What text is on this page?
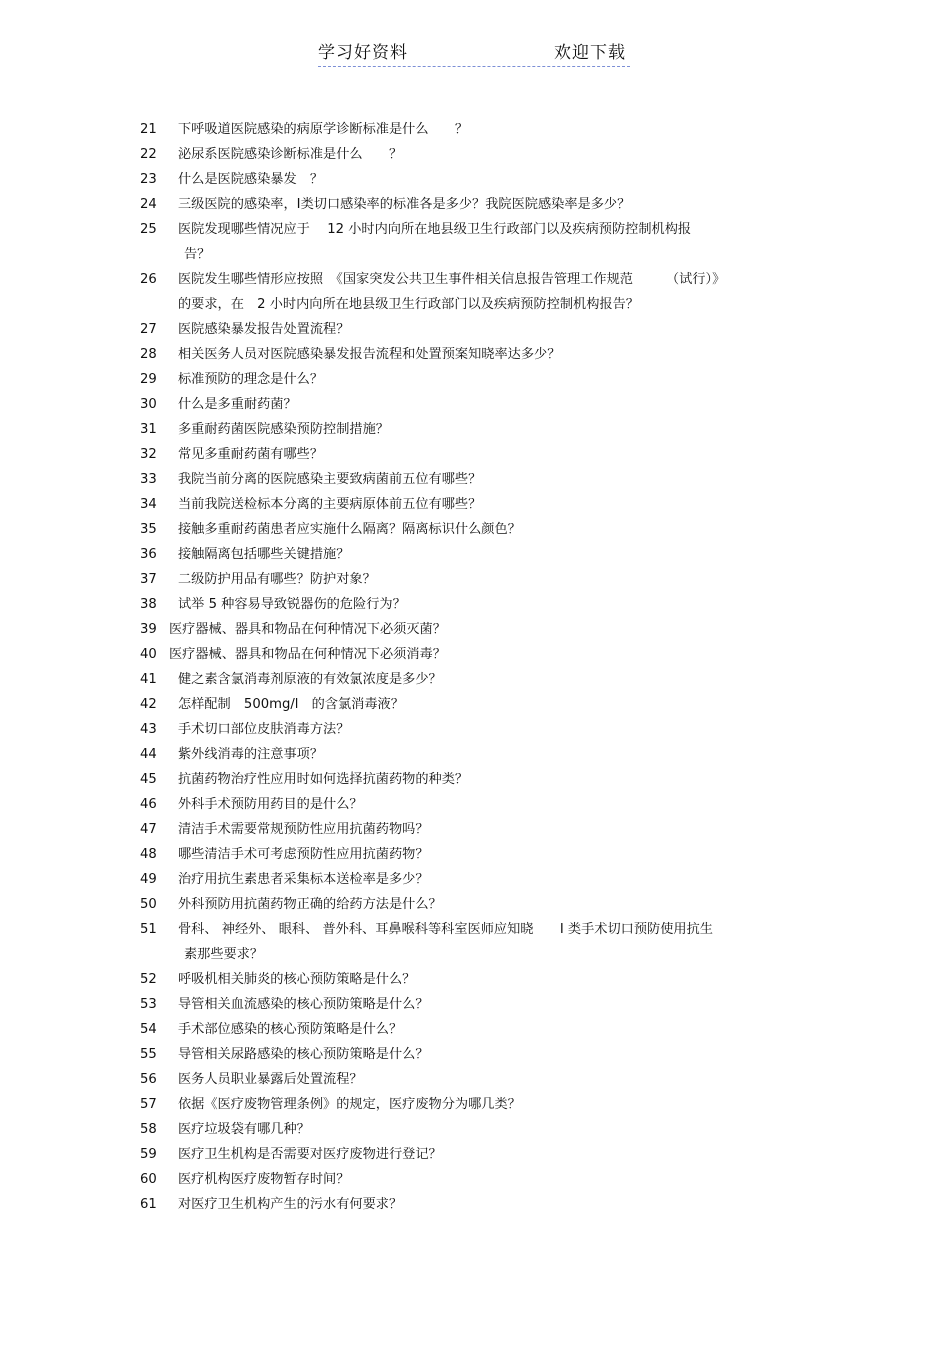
学习好资料	欢迎下载
21	下呼吸道医院感染的病原学诊断标准是什么　　？
22	泌尿系医院感染诊断标准是什么　　？
23	什么是医院感染暴发　？
24	三级医院的感染率，Ⅰ类切口感染率的标准各是多少？我院医院感染率是多少？
25	医院发现哪些情况应于　 12 小时内向所在地县级卫生行政部门以及疾病预防控制机构报
告？
26	医院发生哪些情形应按照　《国家突发公共卫生事件相关信息报告管理工作规范　　　（试行）》
的要求，在　2 小时内向所在地县级卫生行政部门以及疾病预防控制机构报告？
27	医院感染暴发报告处置流程？
28	相关医务人员对医院感染暴发报告流程和处置预案知晓率达多少？
29	标准预防的理念是什么？
30	什么是多重耐药菌？
31	多重耐药菌医院感染预防控制措施？
32	常见多重耐药菌有哪些？
33	我院当前分离的医院感染主要致病菌前五位有哪些？
34	当前我院送检标本分离的主要病原体前五位有哪些？
35	接触多重耐药菌患者应实施什么隔离？隔离标识什么颜色？
36	接触隔离包括哪些关键措施？
37	二级防护用品有哪些？防护对象？
38	试举 5 种容易导致锐器伤的危险行为？
39 医疗器械、器具和物品在何种情况下必须灭菌？
40 医疗器械、器具和物品在何种情况下必须消毒？
41	健之素含氯消毒剂原液的有效氯浓度是多少？
42	怎样配制　500mg/l　的含氯消毒液？
43	手术切口部位皮肤消毒方法？
44	紫外线消毒的注意事项？
45	抗菌药物治疗性应用时如何选择抗菌药物的种类？
46	外科手术预防用药目的是什么？
47	清洁手术需要常规预防性应用抗菌药物吗？
48	哪些清洁手术可考虑预防性应用抗菌药物？
49	治疗用抗生素患者采集标本送检率是多少？
50	外科预防用抗菌药物正确的给药方法是什么？
51	骨科、 神经外、 眼科、 普外科、耳鼻喉科等科室医师应知晓　　Ⅰ 类手术切口预防使用抗生
素那些要求？
52	呼吸机相关肺炎的核心预防策略是什么？
53	导管相关血流感染的核心预防策略是什么？
54	手术部位感染的核心预防策略是什么？
55	导管相关尿路感染的核心预防策略是什么？
56	医务人员职业暴露后处置流程？
57	依据《医疗废物管理条例》的规定，医疗废物分为哪几类？
58	医疗垃圾袋有哪几种？
59	医疗卫生机构是否需要对医疗废物进行登记？
60	医疗机构医疗废物暂存时间？
61	对医疗卫生机构产生的污水有何要求？
